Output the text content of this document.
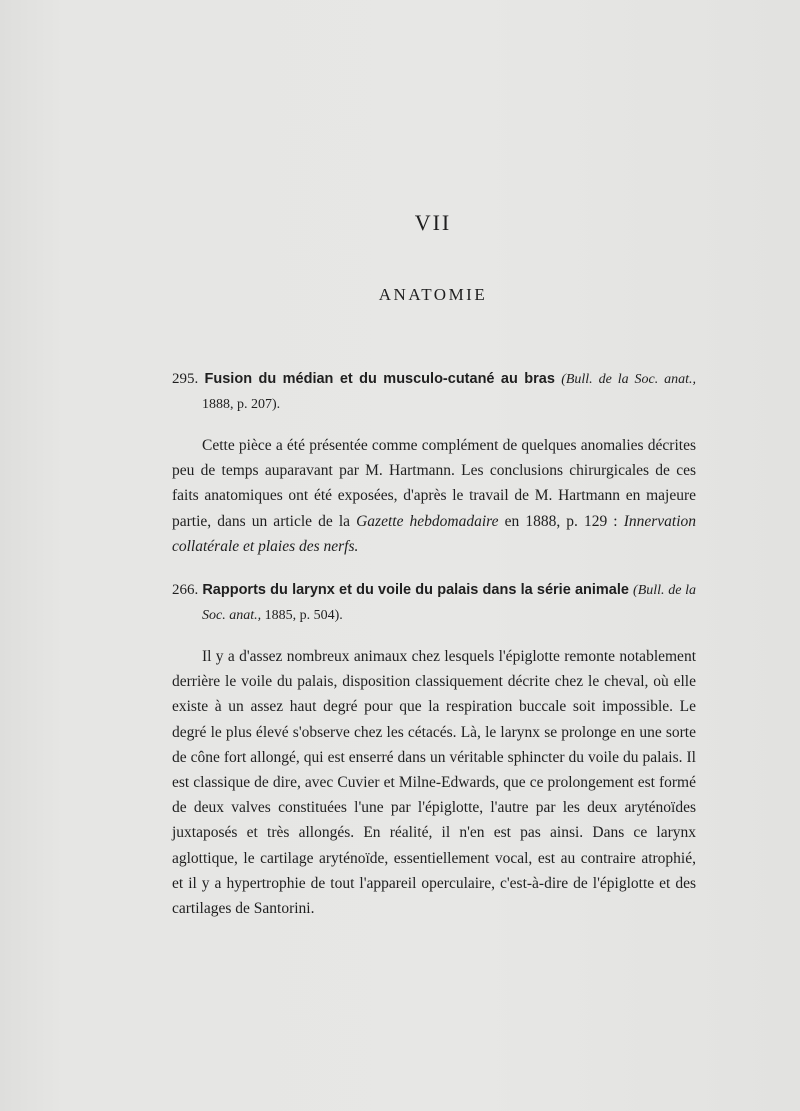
VII
ANATOMIE
295. Fusion du médian et du musculo-cutané au bras (Bull. de la Soc. anat., 1888, p. 207).
Cette pièce a été présentée comme complément de quelques anomalies décrites peu de temps auparavant par M. Hartmann. Les conclusions chirurgicales de ces faits anatomiques ont été exposées, d'après le travail de M. Hartmann en majeure partie, dans un article de la Gazette hebdomadaire en 1888, p. 129 : Innervation collatérale et plaies des nerfs.
266. Rapports du larynx et du voile du palais dans la série animale (Bull. de la Soc. anat., 1885, p. 504).
Il y a d'assez nombreux animaux chez lesquels l'épiglotte remonte notablement derrière le voile du palais, disposition classiquement décrite chez le cheval, où elle existe à un assez haut degré pour que la respiration buccale soit impossible. Le degré le plus élevé s'observe chez les cétacés. Là, le larynx se prolonge en une sorte de cône fort allongé, qui est enserré dans un véritable sphincter du voile du palais. Il est classique de dire, avec Cuvier et Milne-Edwards, que ce prolongement est formé de deux valves constituées l'une par l'épiglotte, l'autre par les deux aryténoïdes juxtaposés et très allongés. En réalité, il n'en est pas ainsi. Dans ce larynx aglottique, le cartilage aryténoïde, essentiellement vocal, est au contraire atrophié, et il y a hypertrophie de tout l'appareil operculaire, c'est-à-dire de l'épiglotte et des cartilages de Santorini.
